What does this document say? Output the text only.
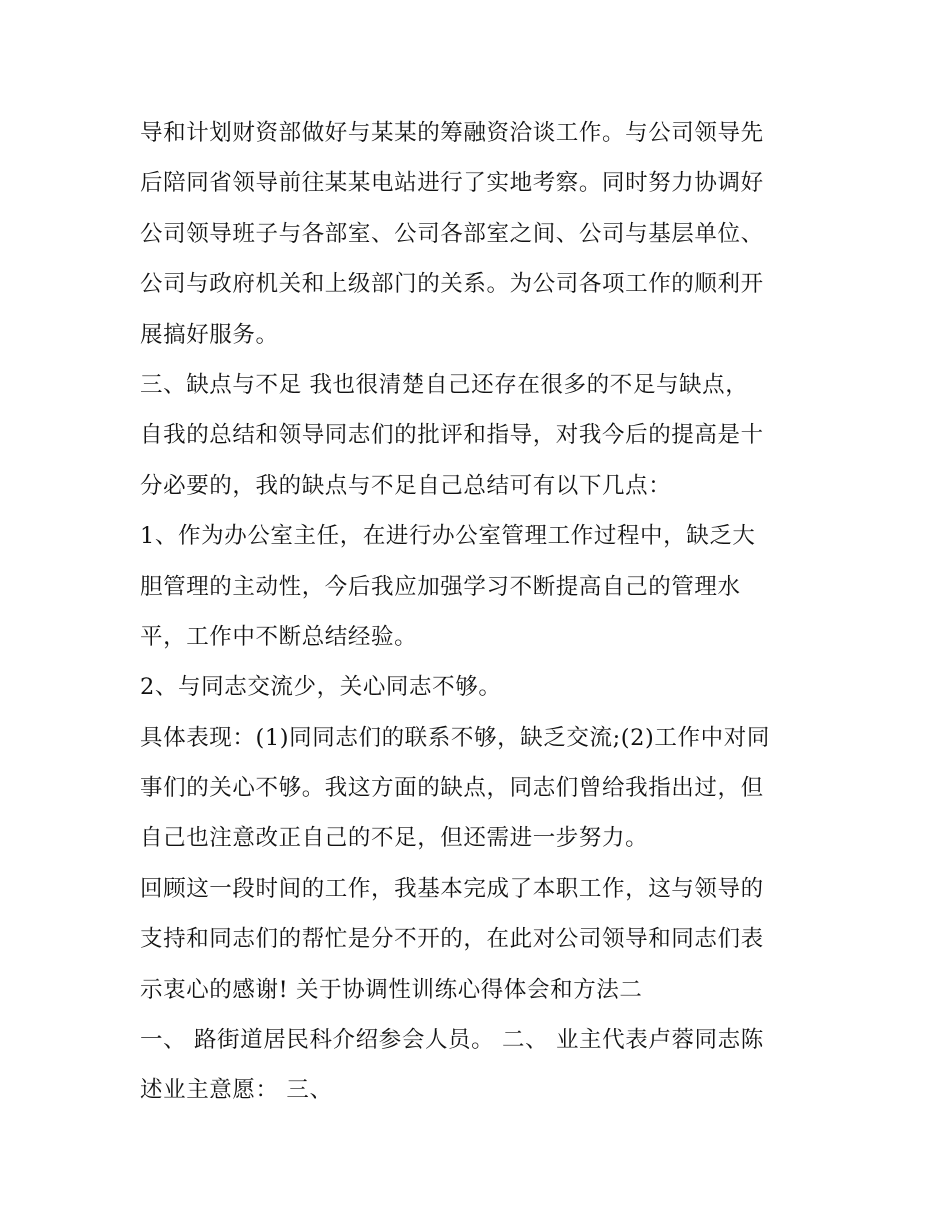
导和计划财资部做好与某某的筹融资洽谈工作。与公司领导先
后陪同省领导前往某某电站进行了实地考察。同时努力协调好
公司领导班子与各部室、公司各部室之间、公司与基层单位、
公司与政府机关和上级部门的关系。为公司各项工作的顺利开
展搞好服务。
三、缺点与不足 我也很清楚自己还存在很多的不足与缺点，
自我的总结和领导同志们的批评和指导，对我今后的提高是十
分必要的，我的缺点与不足自己总结可有以下几点：
1、作为办公室主任，在进行办公室管理工作过程中，缺乏大
胆管理的主动性，今后我应加强学习不断提高自己的管理水
平，工作中不断总结经验。
2、与同志交流少，关心同志不够。
具体表现：(1)同同志们的联系不够，缺乏交流;(2)工作中对同
事们的关心不够。我这方面的缺点，同志们曾给我指出过，但
自己也注意改正自己的不足，但还需进一步努力。
回顾这一段时间的工作，我基本完成了本职工作，这与领导的
支持和同志们的帮忙是分不开的，在此对公司领导和同志们表
示衷心的感谢! 关于协调性训练心得体会和方法二
一、 路街道居民科介绍参会人员。 二、 业主代表卢蓉同志陈
述业主意愿： 三、
